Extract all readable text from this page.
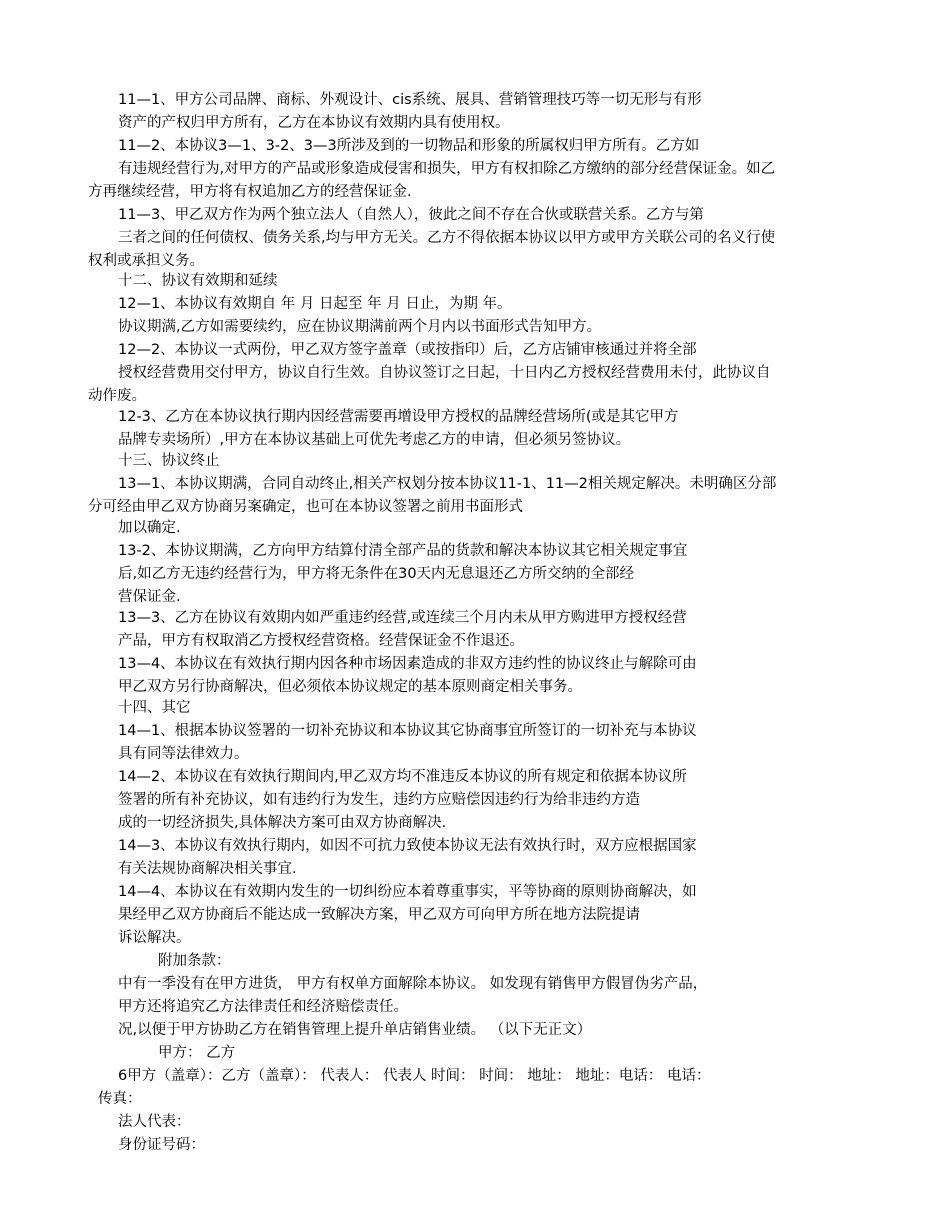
11—1、甲方公司品牌、商标、外观设计、cis系统、展具、营销管理技巧等一切无形与有形
资产的产权归甲方所有，乙方在本协议有效期内具有使用权。
11—2、本协议3—1、3-2、3—3所涉及到的一切物品和形象的所属权归甲方所有。乙方如
有违规经营行为,对甲方的产品或形象造成侵害和损失，甲方有权扣除乙方缴纳的部分经营保证金。如乙
方再继续经营，甲方将有权追加乙方的经营保证金.
11—3、甲乙双方作为两个独立法人（自然人），彼此之间不存在合伙或联营关系。乙方与第
三者之间的任何债权、债务关系,均与甲方无关。乙方不得依据本协议以甲方或甲方关联公司的名义行使
权利或承担义务。
十二、协议有效期和延续
12—1、本协议有效期自 年 月 日起至 年 月 日止，为期 年。
协议期满,乙方如需要续约，应在协议期满前两个月内以书面形式告知甲方。
12—2、本协议一式两份，甲乙双方签字盖章（或按指印）后，乙方店铺审核通过并将全部
授权经营费用交付甲方，协议自行生效。自协议签订之日起，十日内乙方授权经营费用未付，此协议自
动作废。
12-3、乙方在本协议执行期内因经营需要再增设甲方授权的品牌经营场所(或是其它甲方
品牌专卖场所）,甲方在本协议基础上可优先考虑乙方的申请，但必须另签协议。
十三、协议终止
13—1、本协议期满，合同自动终止,相关产权划分按本协议11-1、11—2相关规定解决。未明确区分部
分可经由甲乙双方协商另案确定，也可在本协议签署之前用书面形式
加以确定.
13-2、本协议期满，乙方向甲方结算付清全部产品的货款和解决本协议其它相关规定事宜
后,如乙方无违约经营行为，甲方将无条件在30天内无息退还乙方所交纳的全部经
营保证金.
13—3、乙方在协议有效期内如严重违约经营,或连续三个月内未从甲方购进甲方授权经营
产品，甲方有权取消乙方授权经营资格。经营保证金不作退还。
13—4、本协议在有效执行期内因各种市场因素造成的非双方违约性的协议终止与解除可由
甲乙双方另行协商解决，但必须依本协议规定的基本原则商定相关事务。
十四、其它
14—1、根据本协议签署的一切补充协议和本协议其它协商事宜所签订的一切补充与本协议
具有同等法律效力。
14—2、本协议在有效执行期间内,甲乙双方均不准违反本协议的所有规定和依据本协议所
签署的所有补充协议，如有违约行为发生，违约方应赔偿因违约行为给非违约方造
成的一切经济损失,具体解决方案可由双方协商解决.
14—3、本协议有效执行期内，如因不可抗力致使本协议无法有效执行时，双方应根据国家
有关法规协商解决相关事宜.
14—4、本协议在有效期内发生的一切纠纷应本着尊重事实，平等协商的原则协商解决，如
果经甲乙双方协商后不能达成一致解决方案，甲乙双方可向甲方所在地方法院提请
诉讼解决。
附加条款：
中有一季没有在甲方进货， 甲方有权单方面解除本协议。 如发现有销售甲方假冒伪劣产品，
甲方还将追究乙方法律责任和经济赔偿责任。
况,以便于甲方协助乙方在销售管理上提升单店销售业绩。 （以下无正文）
甲方： 乙方
6甲方（盖章）：乙方（盖章）： 代表人： 代表人 时间： 时间： 地址： 地址：电话： 电话：
传真：
法人代表：
身份证号码：
